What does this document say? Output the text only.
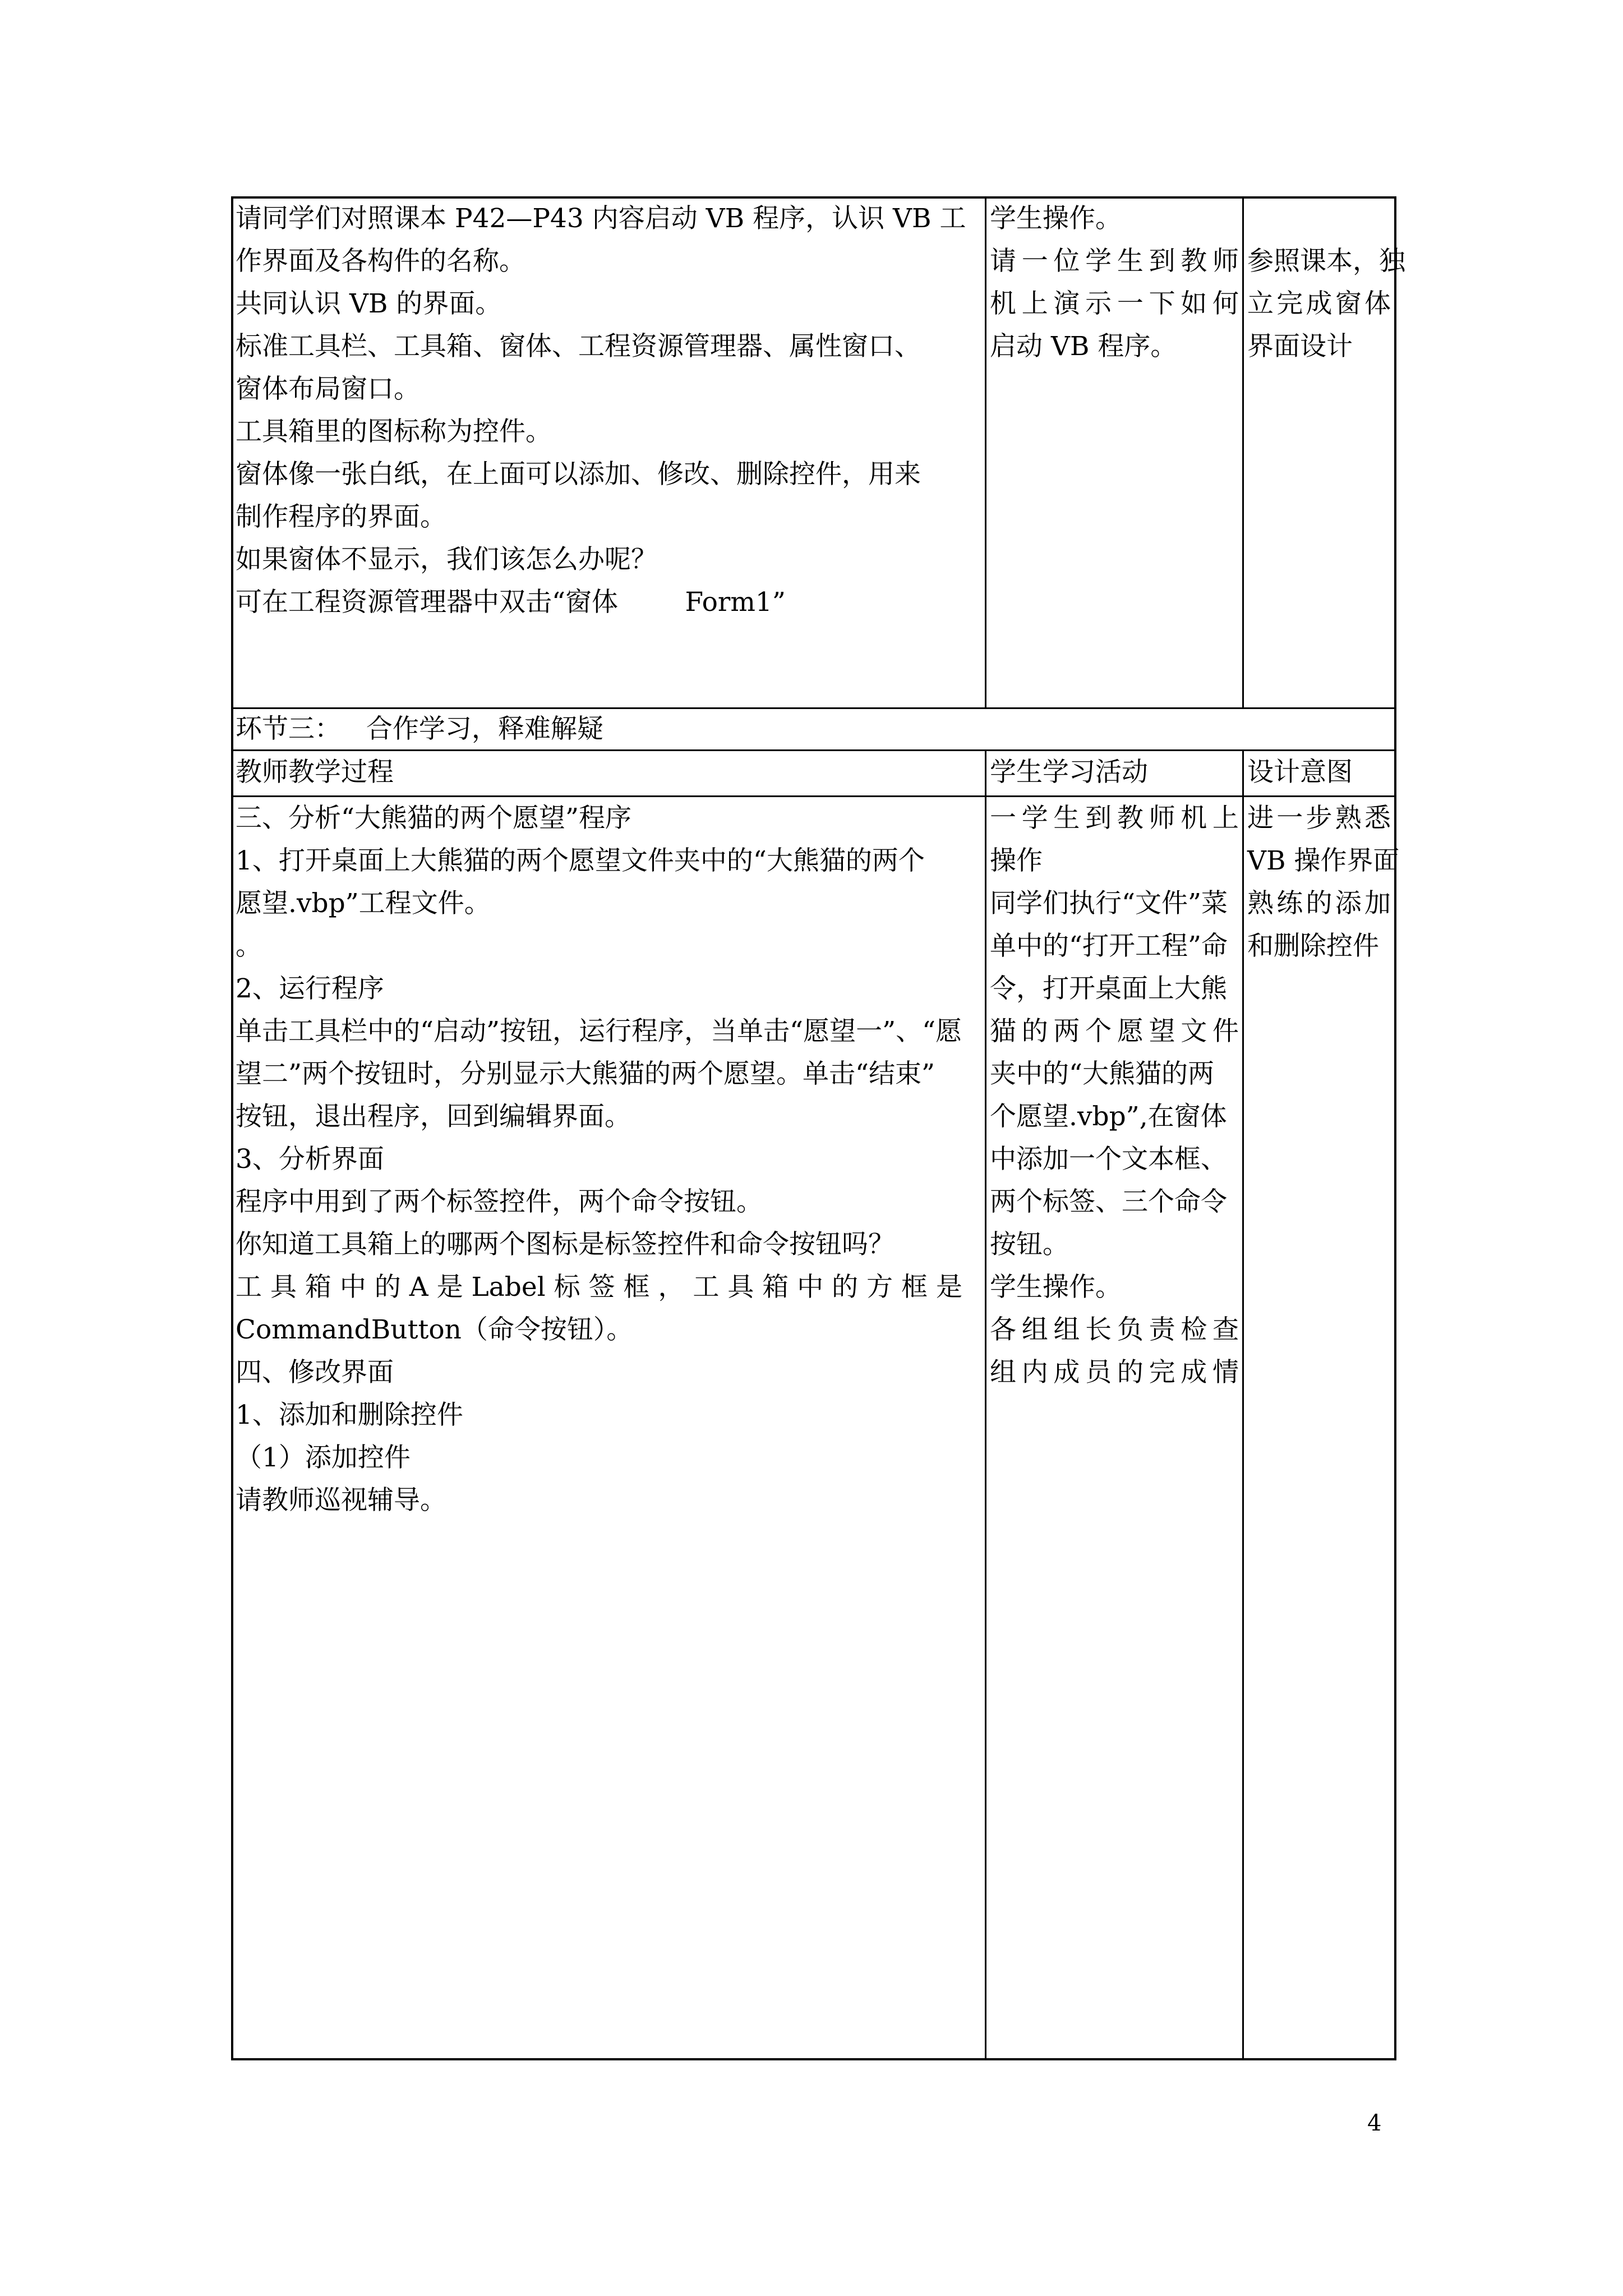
请同学们对照课本 P42—P43 内容启动 VB 程序，认识 VB 工
作界面及各构件的名称。
共同认识 VB 的界面。
标准工具栏、工具箱、窗体、工程资源管理器、属性窗口、
窗体布局窗口。
工具箱里的图标称为控件。
窗体像一张白纸，在上面可以添加、修改、删除控件，用来
制作程序的界面。
如果窗体不显示，我们该怎么办呢？
可在工程资源管理器中双击“窗体        Form1”
学生操作。
请一位学生到教师
机上演示一下如何
启动 VB 程序。
参照课本，独
立完成窗体
界面设计
环节三：   合作学习，释难解疑
教师教学过程	学生学习活动	设计意图
三、分析“大熊猫的两个愿望”程序
1、打开桌面上大熊猫的两个愿望文件夹中的“大熊猫的两个
愿望.vbp”工程文件。
。
2、运行程序
单击工具栏中的“启动”按钮，运行程序，当单击“愿望一”、“愿
望二”两个按钮时，分别显示大熊猫的两个愿望。单击“结束”
按钮，退出程序，回到编辑界面。
3、分析界面
程序中用到了两个标签控件，两个命令按钮。
你知道工具箱上的哪两个图标是标签控件和命令按钮吗？
工 具 箱 中 的 A 是 Label 标 签 框 ， 工 具 箱 中 的 方 框 是
CommandButton（命令按钮）。
四、修改界面
1、添加和删除控件
（1）添加控件
请教师巡视辅导。
一学生到教师机上
操作
同学们执行“文件”菜
单中的“打开工程”命
令，打开桌面上大熊
猫的两个愿望文件
夹中的“大熊猫的两
个愿望.vbp”,在窗体
中添加一个文本框、
两个标签、三个命令
按钮。
学生操作。
各组组长负责检查
组内成员的完成情
进一步熟悉
VB 操作界面
熟练的添加
和删除控件
4
